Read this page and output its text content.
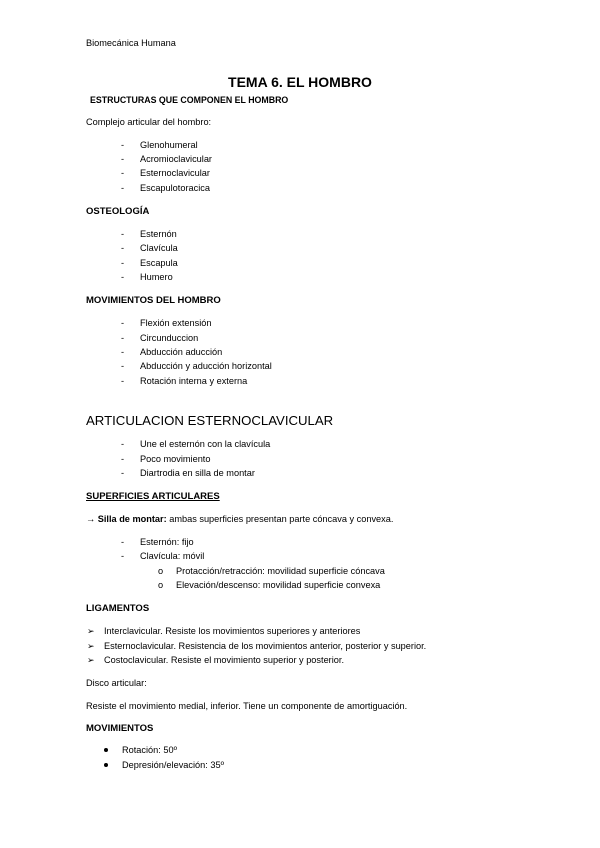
Biomecánica Humana
TEMA 6. EL HOMBRO
ESTRUCTURAS QUE COMPONEN EL HOMBRO
Complejo articular del hombro:
- Glenohumeral
- Acromioclavicular
- Esternoclavicular
- Escapulotoracica
OSTEOLOGÍA
- Esternón
- Clavícula
- Escapula
- Humero
MOVIMIENTOS DEL HOMBRO
- Flexión extensión
- Circunduccion
- Abducción aducción
- Abducción y aducción horizontal
- Rotación interna y externa
ARTICULACION ESTERNOCLAVICULAR
- Une el esternón con la clavícula
- Poco movimiento
- Diartrodia en silla de montar
SUPERFICIES ARTICULARES
→ Silla de montar: ambas superficies presentan parte cóncava y convexa.
- Esternón: fijo
- Clavícula: móvil
o Protacción/retracción: movilidad superficie cóncava
o Elevación/descenso: movilidad superficie convexa
LIGAMENTOS
➢ Interclavicular. Resiste los movimientos superiores y anteriores
➢ Esternoclavicular. Resistencia de los movimientos anterior, posterior y superior.
➢ Costoclavicular. Resiste el movimiento superior y posterior.
Disco articular:
Resiste el movimiento medial, inferior. Tiene un componente de amortiguación.
MOVIMIENTOS
Rotación: 50º
Depresión/elevación: 35º
